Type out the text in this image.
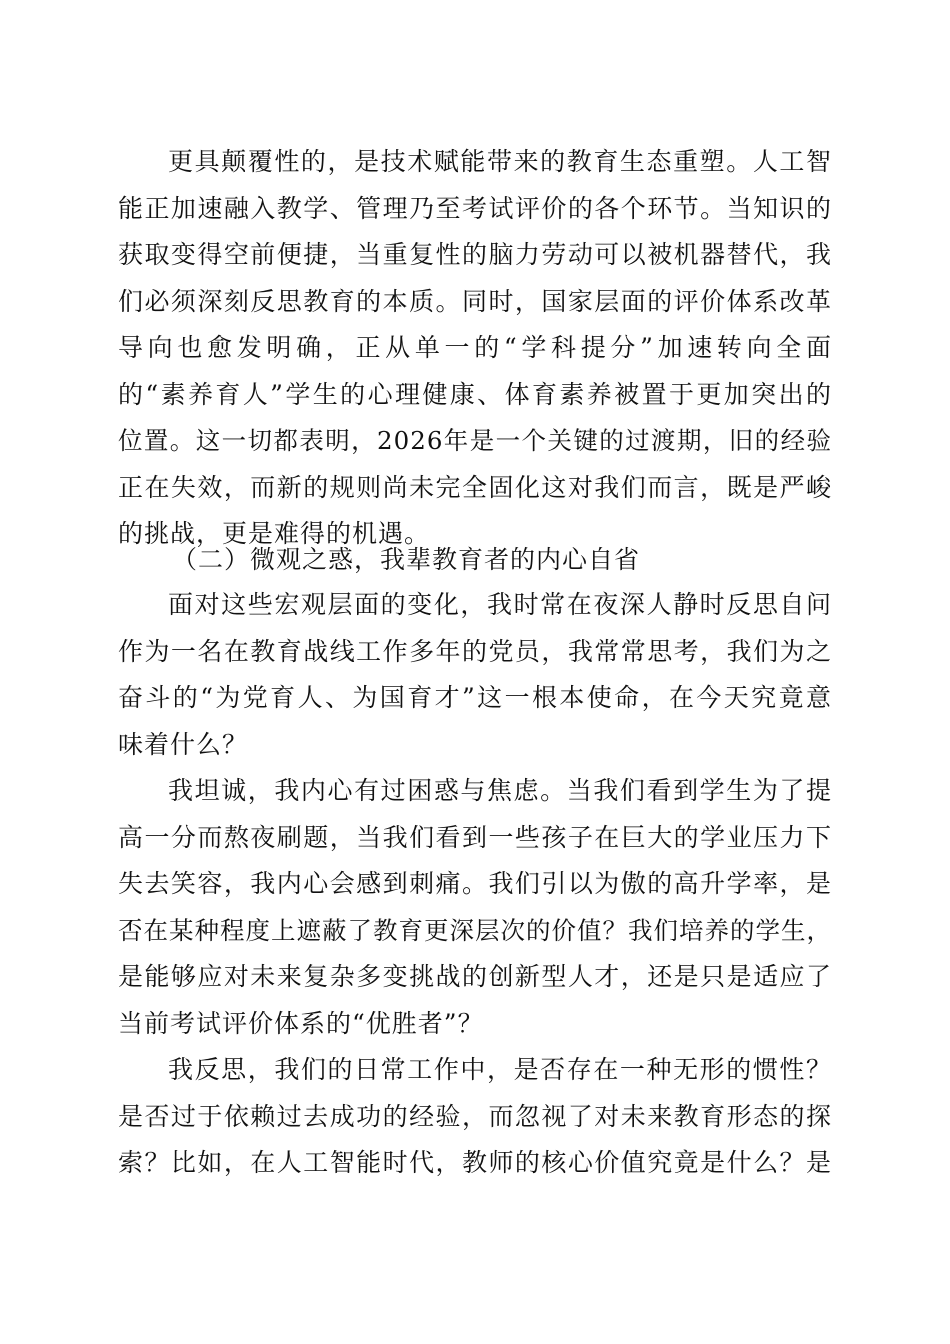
更具颠覆性的，是技术赋能带来的教育生态重塑。人工智
能正加速融入教学、管理乃至考试评价的各个环节。当知识的
获取变得空前便捷，当重复性的脑力劳动可以被机器替代，我
们必须深刻反思教育的本质。同时，国家层面的评价体系改革
导向也愈发明确，正从单一的“学科提分”加速转向全面
的“素养育人”学生的心理健康、体育素养被置于更加突出的
位置。这一切都表明，2026年是一个关键的过渡期，旧的经验
正在失效，而新的规则尚未完全固化这对我们而言，既是严峻
的挑战，更是难得的机遇。
（二）微观之惑，我辈教育者的内心自省
面对这些宏观层面的变化，我时常在夜深人静时反思自问
作为一名在教育战线工作多年的党员，我常常思考，我们为之
奋斗的“为党育人、为国育才”这一根本使命，在今天究竟意
味着什么？
我坦诚，我内心有过困惑与焦虑。当我们看到学生为了提
高一分而熬夜刷题，当我们看到一些孩子在巨大的学业压力下
失去笑容，我内心会感到刺痛。我们引以为傲的高升学率，是
否在某种程度上遮蔽了教育更深层次的价值？我们培养的学生，
是能够应对未来复杂多变挑战的创新型人才，还是只是适应了
当前考试评价体系的“优胜者”？
我反思，我们的日常工作中，是否存在一种无形的惯性？
是否过于依赖过去成功的经验，而忽视了对未来教育形态的探
索？比如，在人工智能时代，教师的核心价值究竟是什么？是
